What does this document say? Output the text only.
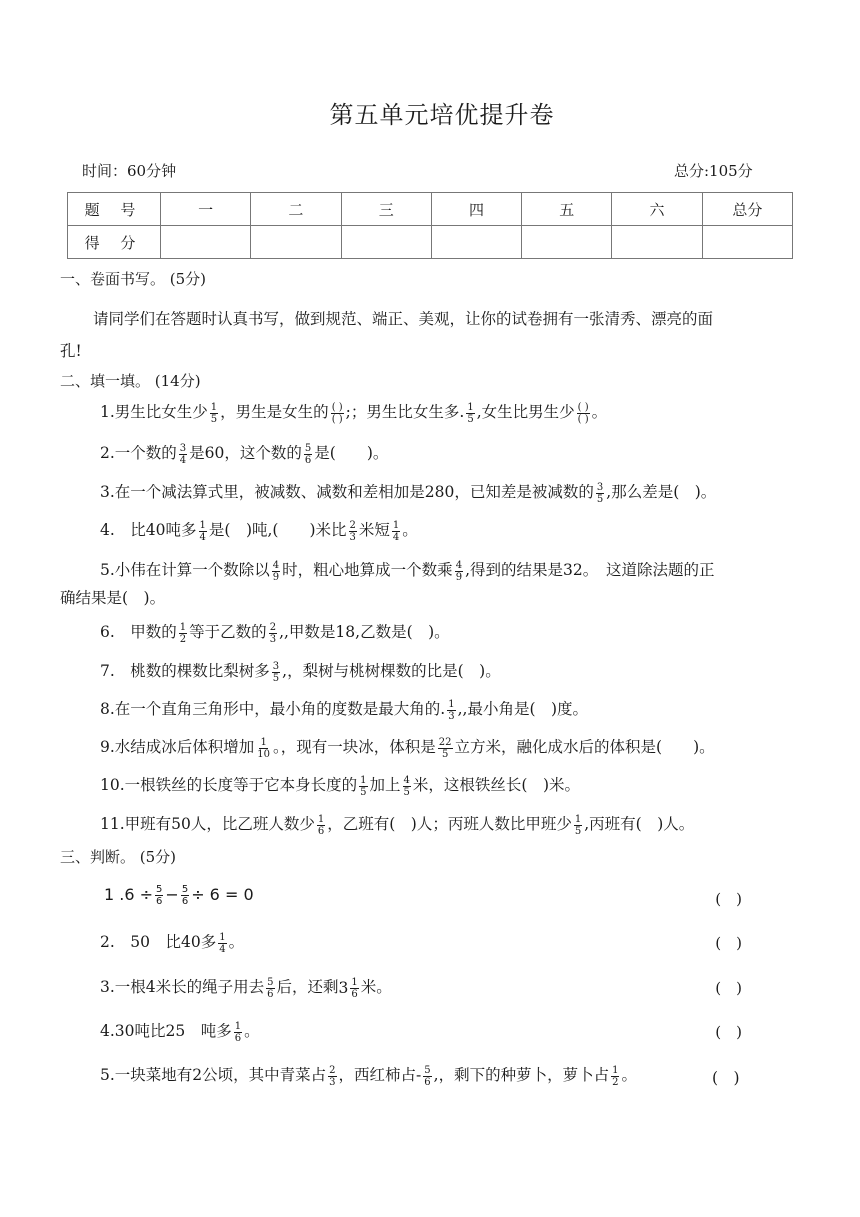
第五单元培优提升卷
时间：60分钟	总分:105分
题 号	一	二	三	四	五	六	总分
得 分							
一、卷面书写。 (5分)
请同学们在答题时认真书写，做到规范、端正、美观，让你的试卷拥有一张清秀、漂亮的面
孔!
二、填一填。 (14分)
1.男生比女生少 $\frac{1}{5}$ ，男生是女生的 $\frac{( )}{( )}$ ;；男生比女生多. $\frac{1}{5}$ ,女生比男生少 $\frac{( )}{( )}$ 。
2.一个数的 $\frac{3}{4}$ 是60，这个数的 $\frac{5}{6}$ 是(　　)。
3.在一个减法算式里，被减数、减数和差相加是280，已知差是被减数的 $\frac{3}{5}$ ,那么差是(　)。
4.　比40吨多 $\frac{1}{4}$ 是(　)吨,(　　)米比 $\frac{2}{3}$ 米短 $\frac{1}{4}$ 。
5.小伟在计算一个数除以 $\frac{4}{9}$ 时，粗心地算成一个数乘 $\frac{4}{9}$ ,得到的结果是32。　这道除法题的正
确结果是(　)。
6.　甲数的 $\frac{1}{2}$ 等于乙数的 $\frac{2}{3}$ ,,甲数是18,乙数是(　)。
7.　桃数的棵数比梨树多 $\frac{3}{5}$ ,，梨树与桃树棵数的比是(　)。
8.在一个直角三角形中，最小角的度数是最大角的. $\frac{1}{3}$ ,,最小角是(　)度。
9.水结成冰后体积增加 $\frac{1}{10}$ 。，现有一块冰，体积是 $\frac{22}{5}$ 立方米，融化成水后的体积是(　　)。
10.一根铁丝的长度等于它本身长度的 $\frac{1}{5}$ 加上 $\frac{4}{5}$ 米，这根铁丝长(　)米。
11.甲班有50人，比乙班人数少 $\frac{1}{6}$ ，乙班有(　)人；丙班人数比甲班少 $\frac{1}{5}$ ,丙班有(　)人。
三、判断。 (5分)
1 $.6 \div \frac{5}{6} - \frac{5}{6} \div 6 = 0$	(　)
2.　50　比40多 $\frac{1}{4}$ 。	(　)
3.一根4米长的绳子用去 $\frac{5}{6}$ 后，还剩 $3 \frac{1}{6}$ 米。	(　)
4.30吨比25　吨多 $\frac{1}{6}$ 。	(　)
5.一块菜地有2公顷，其中青菜占 $\frac{2}{3}$ ，西红柿占- $\frac{5}{6}$ ,，剩下的种萝卜，萝卜占 $\frac{1}{2}$ 。	(　)
